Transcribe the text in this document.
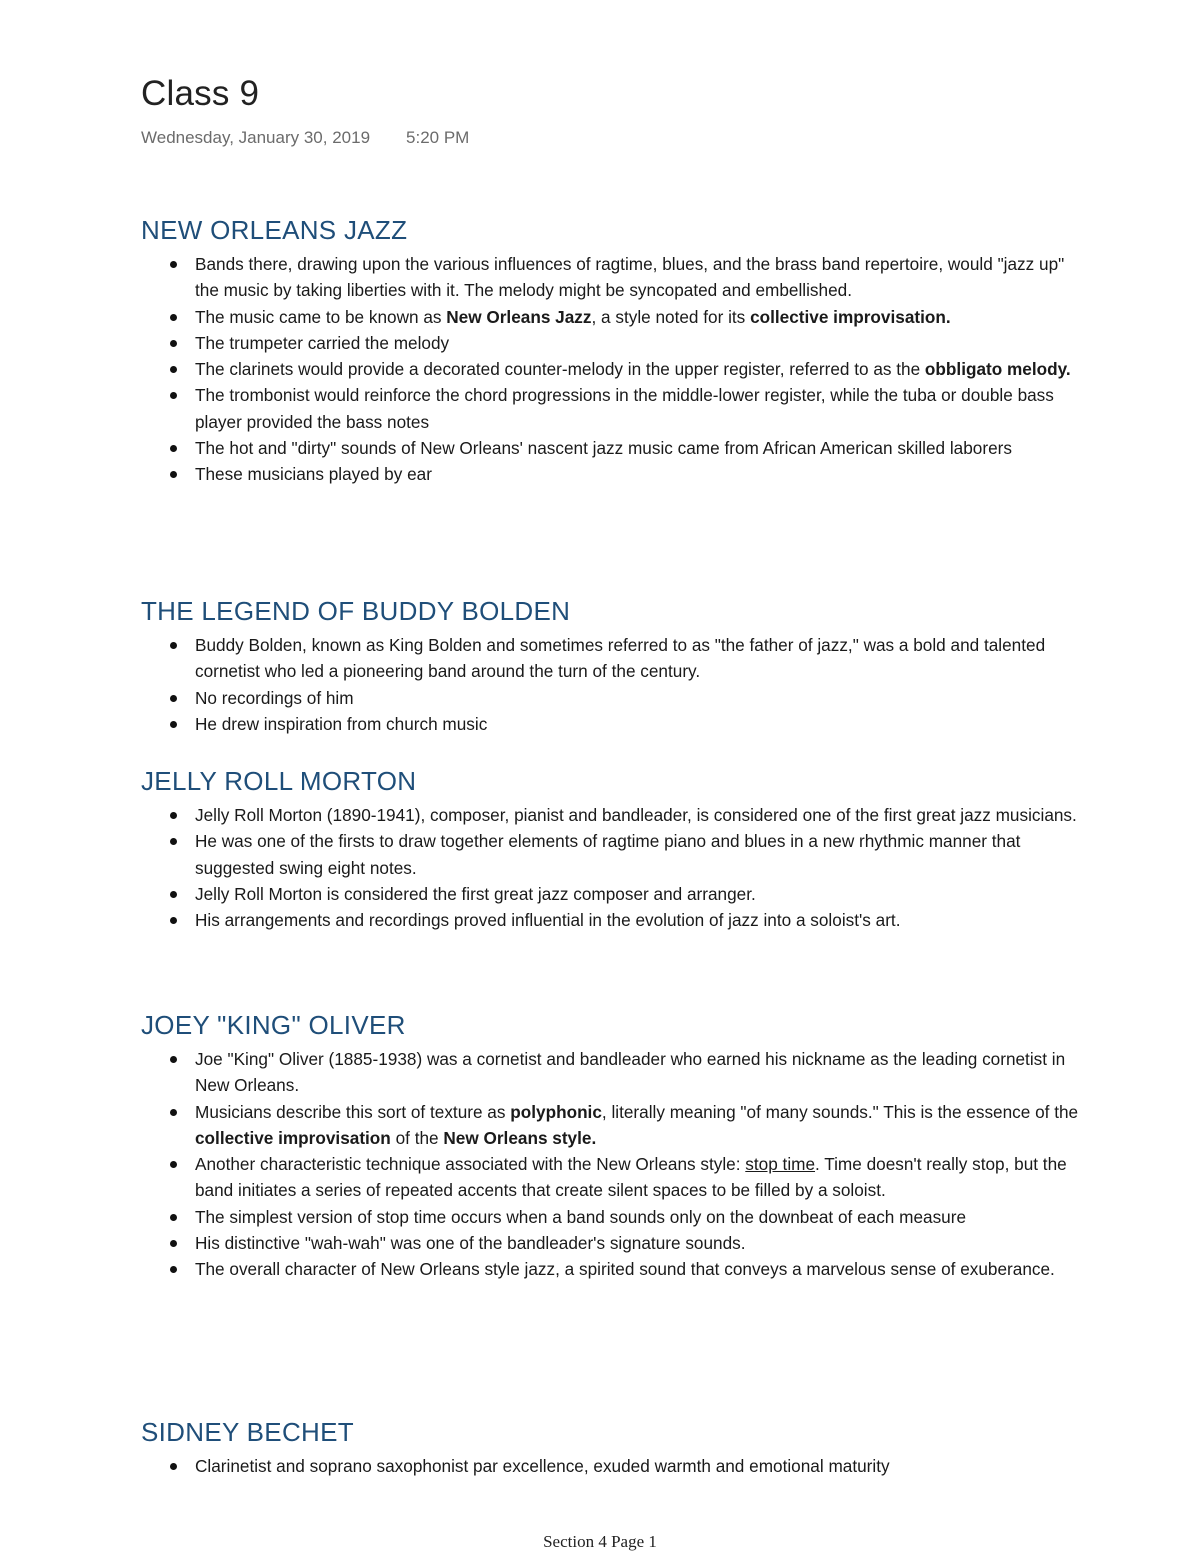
Class 9
Wednesday, January 30, 2019 5:20 PM
NEW ORLEANS JAZZ
Bands there, drawing upon the various influences of ragtime, blues, and the brass band repertoire, would "jazz up" the music by taking liberties with it. The melody might be syncopated and embellished.
The music came to be known as New Orleans Jazz, a style noted for its collective improvisation.
The trumpeter carried the melody
The clarinets would provide a decorated counter-melody in the upper register, referred to as the obbligato melody.
The trombonist would reinforce the chord progressions in the middle-lower register, while the tuba or double bass player provided the bass notes
The hot and "dirty" sounds of New Orleans' nascent jazz music came from African American skilled laborers
These musicians played by ear
THE LEGEND OF BUDDY BOLDEN
Buddy Bolden, known as King Bolden and sometimes referred to as "the father of jazz," was a bold and talented cornetist who led a pioneering band around the turn of the century.
No recordings of him
He drew inspiration from church music
JELLY ROLL MORTON
Jelly Roll Morton (1890-1941), composer, pianist and bandleader, is considered one of the first great jazz musicians.
He was one of the firsts to draw together elements of ragtime piano and blues in a new rhythmic manner that suggested swing eight notes.
Jelly Roll Morton is considered the first great jazz composer and arranger.
His arrangements and recordings proved influential in the evolution of jazz into a soloist's art.
JOEY "KING" OLIVER
Joe "King" Oliver (1885-1938) was a cornetist and bandleader who earned his nickname as the leading cornetist in New Orleans.
Musicians describe this sort of texture as polyphonic, literally meaning "of many sounds." This is the essence of the collective improvisation of the New Orleans style.
Another characteristic technique associated with the New Orleans style: stop time. Time doesn't really stop, but the band initiates a series of repeated accents that create silent spaces to be filled by a soloist.
The simplest version of stop time occurs when a band sounds only on the downbeat of each measure
His distinctive "wah-wah" was one of the bandleader's signature sounds.
The overall character of New Orleans style jazz, a spirited sound that conveys a marvelous sense of exuberance.
SIDNEY BECHET
Clarinetist and soprano saxophonist par excellence, exuded warmth and emotional maturity
Section 4 Page 1
